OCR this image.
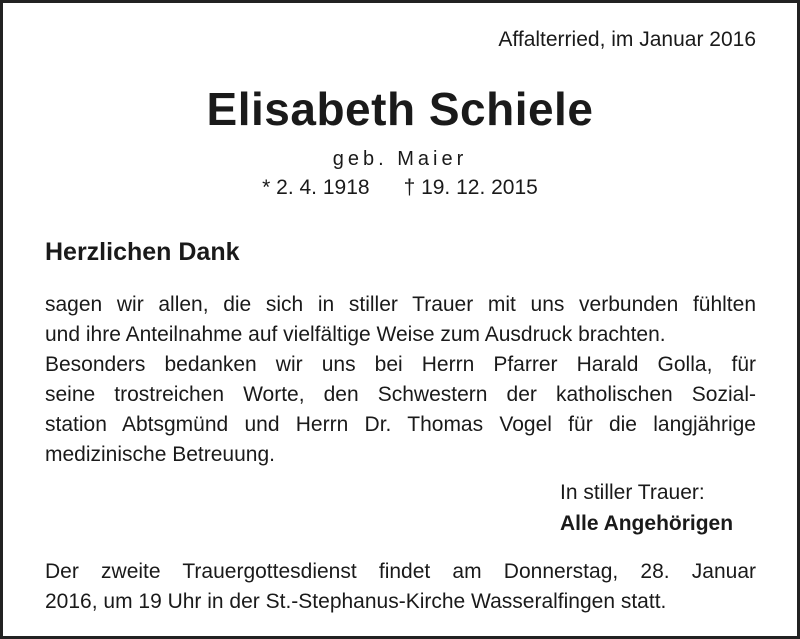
Affalterried, im Januar 2016
Elisabeth Schiele
geb. Maier
* 2. 4. 1918 † 19. 12. 2015
Herzlichen Dank
sagen wir allen, die sich in stiller Trauer mit uns verbunden fühlten
und ihre Anteilnahme auf vielfältige Weise zum Ausdruck brachten.
Besonders bedanken wir uns bei Herrn Pfarrer Harald Golla, für
seine trostreichen Worte, den Schwestern der katholischen Sozial-
station Abtsgmünd und Herrn Dr. Thomas Vogel für die langjährige
medizinische Betreuung.
In stiller Trauer:
Alle Angehörigen
Der zweite Trauergottesdienst findet am Donnerstag, 28. Januar
2016, um 19 Uhr in der St.-Stephanus-Kirche Wasseralfingen statt.
